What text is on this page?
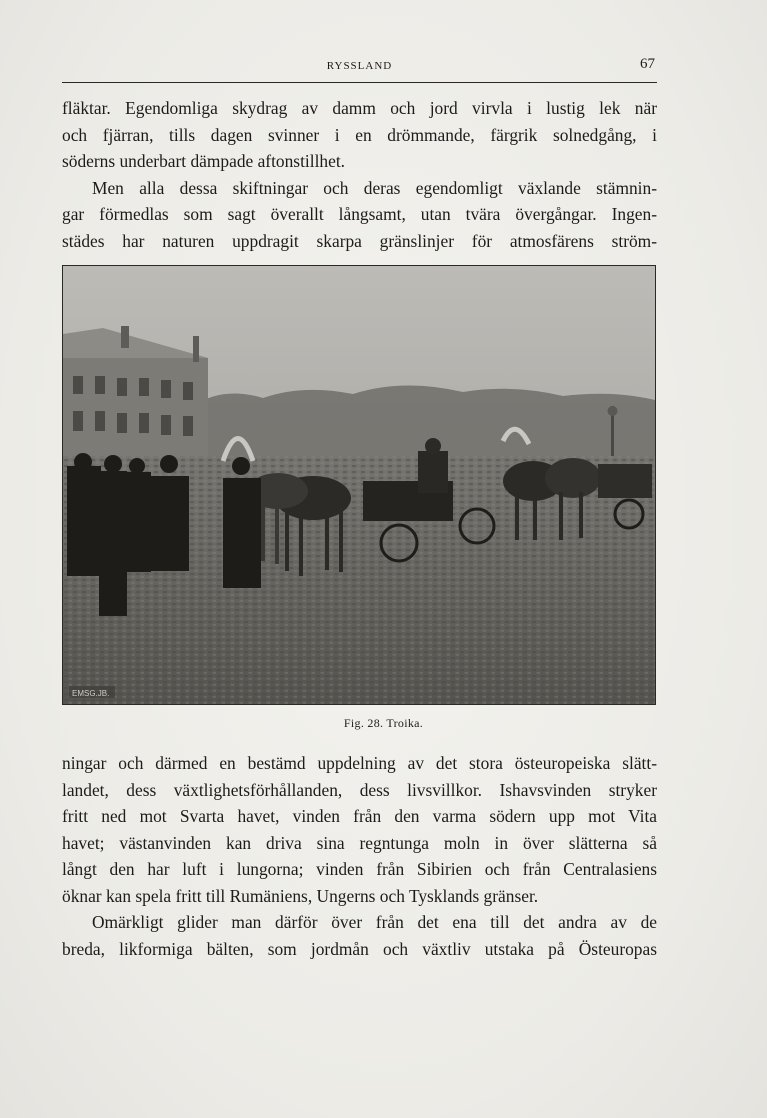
RYSSLAND	67
fläktar. Egendomliga skydrag av damm och jord virvla i lustig lek när
och fjärran, tills dagen svinner i en drömmande, färgrik solnedgång, i
söderns underbart dämpade aftonstillhet.
Men alla dessa skiftningar och deras egendomligt växlande stämnin-
gar förmedlas som sagt överallt långsamt, utan tvära övergångar. Ingen-
städes har naturen uppdragit skarpa gränslinjer för atmosfärens ström-
EMSG.JB.
Fig. 28. Troika.
ningar och därmed en bestämd uppdelning av det stora östeuropeiska slätt-
landet, dess växtlighetsförhållanden, dess livsvillkor. Ishavsvinden stryker
fritt ned mot Svarta havet, vinden från den varma södern upp mot Vita
havet; västanvinden kan driva sina regntunga moln in över slätterna så
långt den har luft i lungorna; vinden från Sibirien och från Centralasiens
öknar kan spela fritt till Rumäniens, Ungerns och Tysklands gränser.
Omärkligt glider man därför över från det ena till det andra av de
breda, likformiga bälten, som jordmån och växtliv utstaka på Östeuropas
